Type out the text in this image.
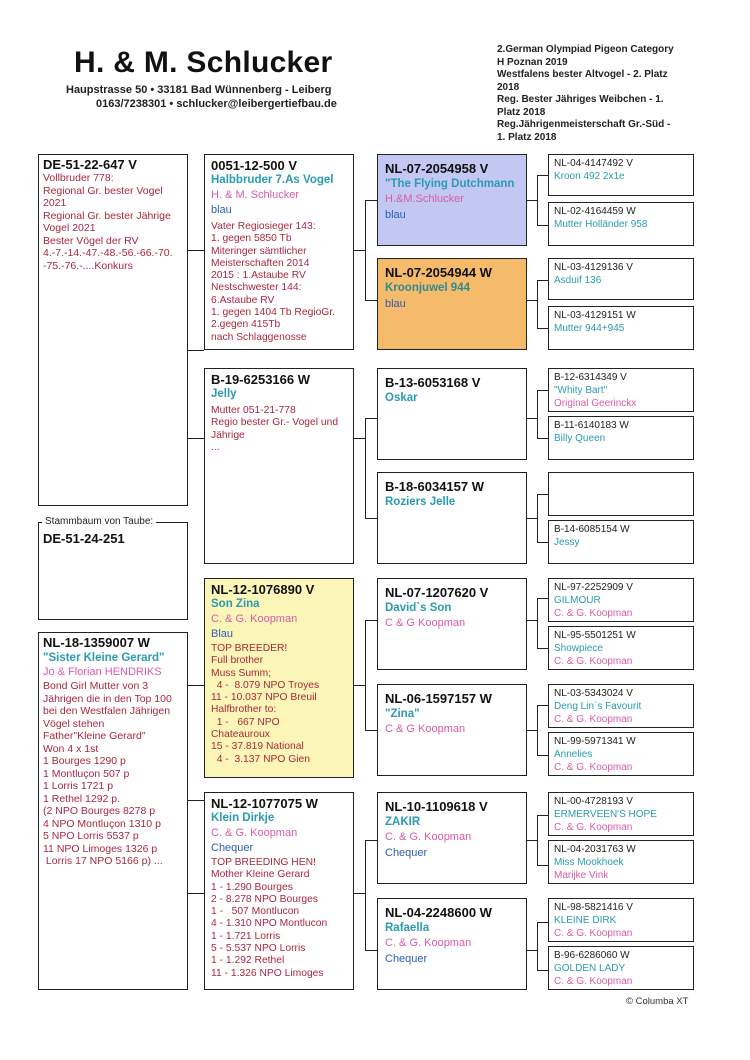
H. & M. Schlucker
Haupstrasse 50 • 33181 Bad Wünnenberg - Leiberg
0163/7238301 • schlucker@leibergertiefbau.de
2.German Olympiad Pigeon Category
H Poznan 2019
Westfalens bester Altvogel - 2. Platz
2018
Reg. Bester Jähriges Weibchen - 1.
Platz 2018
Reg.Jährigenmeisterschaft Gr.-Süd -
1. Platz 2018
DE-51-22-647 V
Vollbruder 778:
Regional Gr. bester Vogel
2021
Regional Gr. bester Jährige
Vogel 2021
Bester Vögel der RV
4.-7.-14.-47.-48.-56.-66.-70.
-75.-76.-....Konkurs
DE-51-24-251
Stammbaum von Taube:
NL-18-1359007 W
"Sister Kleine Gerard"
Jo & Florian HENDRIKS
Bond Girl Mutter von 3
Jährigen die in den Top 100
bei den Westfalen Jährigen
Vögel stehen
Father"Kleine Gerard"
Won 4 x 1st
1 Bourges 1290 p
1 Montluçon 507 p
1 Lorris 1721 p
1 Rethel 1292 p.
(2 NPO Bourges 8278 p
4 NPO Montluçon 1310 p
5 NPO Lorris 5537 p
11 NPO Limoges 1326 p
Lorris 17 NPO 5166 p) ...
0051-12-500 V
Halbbruder 7.As Vogel
H. & M. Schlucker
blau
Vater Regiosieger 143:
1. gegen 5850 Tb
Miteringer sämtlicher
Meisterschaften 2014
2015 : 1.Astaube RV
Nestschwester 144:
6.Astaube RV
1. gegen 1404 Tb RegioGr.
2.gegen 415Tb
nach Schlaggenosse
B-19-6253166 W
Jelly
Mutter 051-21-778
Regio bester Gr.- Vogel und
Jährige
...
NL-12-1076890 V
Son Zina
C. & G. Koopman
Blau
TOP BREEDER!
Full brother
Muss Summ;
4 -  8.079 NPO Troyes
11 - 10.037 NPO Breuil
Halfbrother to:
1 -   667 NPO
Chateauroux
15 - 37.819 National
4 -  3.137 NPO Gien
NL-12-1077075 W
Klein Dirkje
C. & G. Koopman
Chequer
TOP BREEDING HEN!
Mother Kleine Gerard
1 - 1.290 Bourges
2 - 8.278 NPO Bourges
1 -   507 Montlucon
4 - 1.310 NPO Montlucon
1 - 1.721 Lorris
5 - 5.537 NPO Lorris
1 - 1.292 Rethel
11 - 1.326 NPO Limoges
NL-07-2054958 V
"The Flying Dutchmann
H.&M.Schlucker
blau
NL-07-2054944 W
Kroonjuwel 944
blau
B-13-6053168 V
Oskar
B-18-6034157 W
Roziers Jelle
NL-07-1207620 V
David`s Son
C & G Koopman
NL-06-1597157 W
"Zina"
C & G Koopman
NL-10-1109618 V
ZAKIR
C. & G. Koopman
Chequer
NL-04-2248600 W
Rafaella
C. & G. Koopman
Chequer
NL-04-4147492 V
Kroon 492 2x1e
NL-02-4164459 W
Mutter Holländer 958
NL-03-4129136 V
Asduif 136
NL-03-4129151 W
Mutter 944+945
B-12-6314349 V
"Whity Bart"
Original Geerinckx
B-11-6140183 W
Billy Queen
B-14-6085154 W
Jessy
NL-97-2252909 V
GILMOUR
C. & G. Koopman
NL-95-5501251 W
Showpiece
C. & G. Koopman
NL-03-5343024 V
Deng Lin`s Favourit
C. & G. Koopman
NL-99-5971341 W
Annelies
C. & G. Koopman
NL-00-4728193 V
ERMERVEEN'S HOPE
C. & G. Koopman
NL-04-2031763 W
Miss Mookhoek
Marijke Vink
NL-98-5821416 V
KLEINE DIRK
C. & G. Koopman
B-96-6286060 W
GOLDEN LADY
C. & G. Koopman
© Columba XT
